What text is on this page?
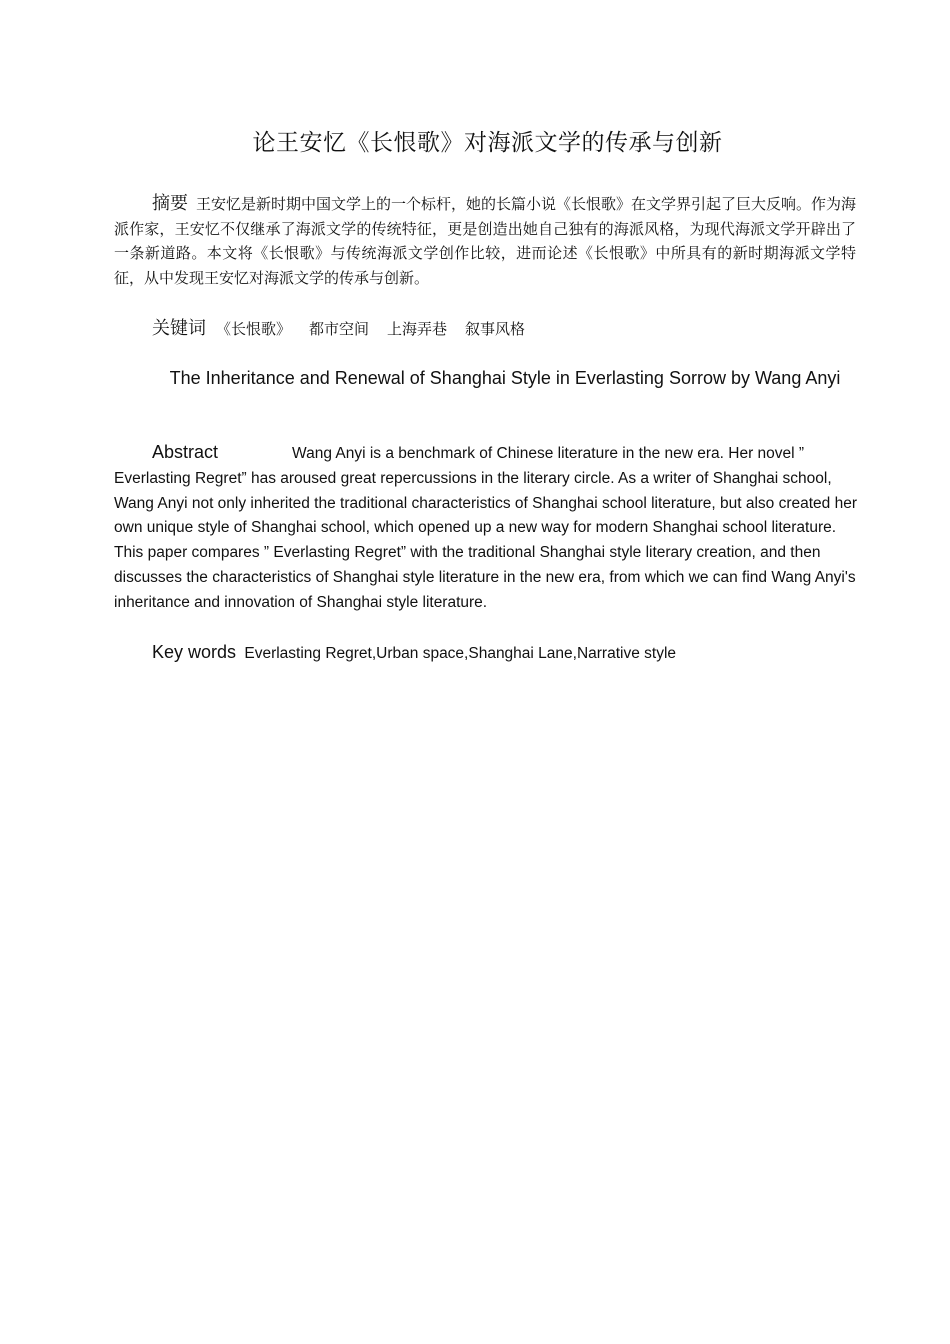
论王安忆《长恨歌》对海派文学的传承与创新

摘要 王安忆是新时期中国文学上的一个标杆，她的长篇小说《长恨歌》在文学界引起了巨大反响。作为海派作家，王安忆不仅继承了海派文学的传统特征，更是创造出她自己独有的海派风格，为现代海派文学开辟出了一条新道路。本文将《长恨歌》与传统海派文学创作比较，进而论述《长恨歌》中所具有的新时期海派文学特征，从中发现王安忆对海派文学的传承与创新。

关键词 《长恨歌》 都市空间 上海弄巷 叙事风格

The Inheritance and Renewal of Shanghai Style in Everlasting Sorrow by Wang Anyi

Abstract	Wang Anyi is a benchmark of Chinese literature in the new era. Her novel ” Everlasting Regret” has aroused great repercussions in the literary circle. As a writer of Shanghai school, Wang Anyi not only inherited the traditional characteristics of Shanghai school literature, but also created her own unique style of Shanghai school, which opened up a new way for modern Shanghai school literature. This paper compares ” Everlasting Regret” with the traditional Shanghai style literary creation, and then discusses the characteristics of Shanghai style literature in the new era, from which we can find Wang Anyi's inheritance and innovation of Shanghai style literature.

Key words Everlasting Regret,Urban space,Shanghai Lane,Narrative style
